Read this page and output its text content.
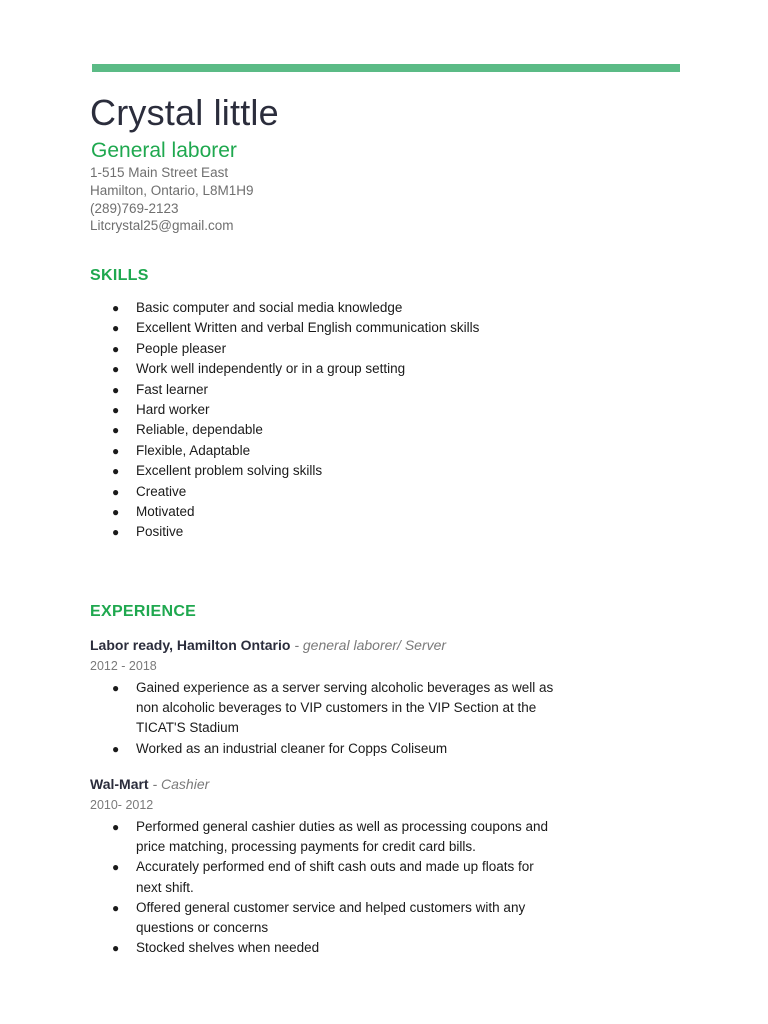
Crystal little
General laborer
1-515 Main Street East
Hamilton, Ontario, L8M1H9
(289)769-2123
Litcrystal25@gmail.com
SKILLS
● Basic computer and social media knowledge
● Excellent Written and verbal English communication skills
● People pleaser
● Work well independently or in a group setting
● Fast learner
● Hard worker
● Reliable, dependable
● Flexible, Adaptable
● Excellent problem solving skills
● Creative
● Motivated
● Positive
EXPERIENCE
Labor ready, Hamilton Ontario - general laborer/ Server
2012 - 2018
● Gained experience as a server serving alcoholic beverages as well as
non alcoholic beverages to VIP customers in the VIP Section at the
TICAT'S Stadium
● Worked as an industrial cleaner for Copps Coliseum
Wal-Mart - Cashier
2010- 2012
● Performed general cashier duties as well as processing coupons and
price matching, processing payments for credit card bills.
● Accurately performed end of shift cash outs and made up floats for
next shift.
● Offered general customer service and helped customers with any
questions or concerns
● Stocked shelves when needed
